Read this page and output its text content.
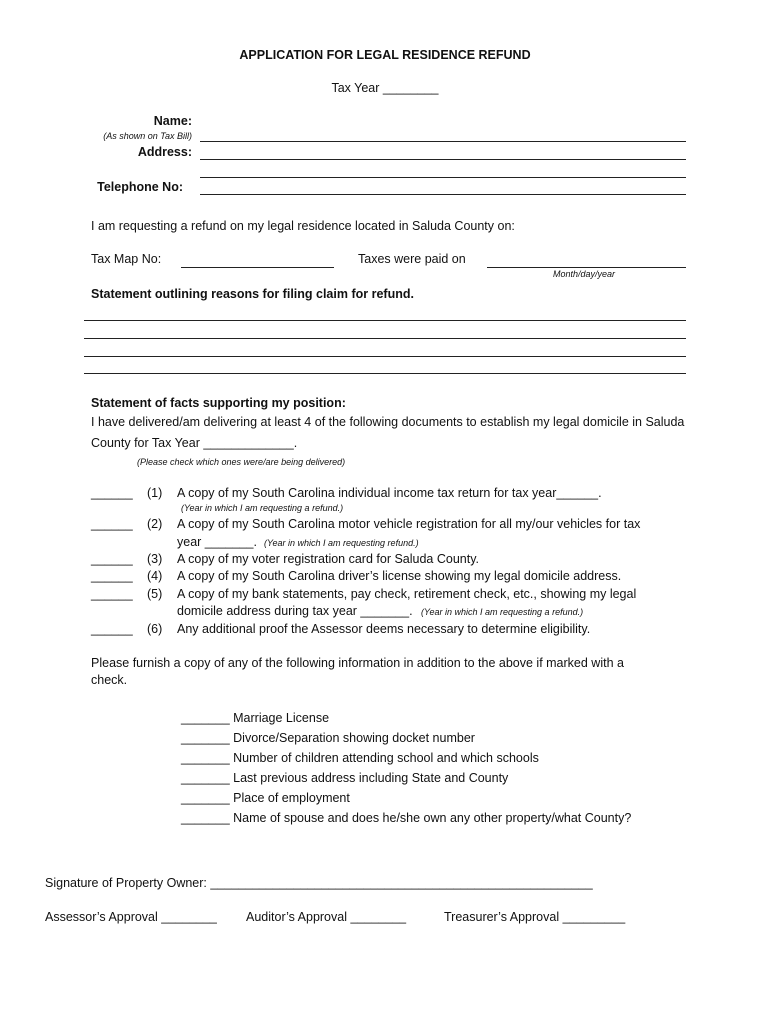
APPLICATION FOR LEGAL RESIDENCE REFUND
Tax Year ________
Name:
(As shown on Tax Bill)
Address:
Telephone No:
I am requesting a refund on my legal residence located in Saluda County on:
Tax Map No:	Taxes were paid on
Month/day/year
Statement outlining reasons for filing claim for refund.
Statement of facts supporting my position:
I have delivered/am delivering at least 4 of the following documents to establish my legal domicile in Saluda
County for Tax Year _____________.
(Please check which ones were/are being delivered)
______ (1) A copy of my South Carolina individual income tax return for tax year______.
(Year in which I am requesting a refund.)
______ (2) A copy of my South Carolina motor vehicle registration for all my/our vehicles for tax
year _______. (Year in which I am requesting refund.)
______ (3) A copy of my voter registration card for Saluda County.
______ (4) A copy of my South Carolina driver’s license showing my legal domicile address.
______ (5) A copy of my bank statements, pay check, retirement check, etc., showing my legal
domicile address during tax year _______. (Year in which I am requesting a refund.)
______ (6) Any additional proof the Assessor deems necessary to determine eligibility.
Please furnish a copy of any of the following information in addition to the above if marked with a
check.
_______ Marriage License
_______ Divorce/Separation showing docket number
_______ Number of children attending school and which schools
_______ Last previous address including State and County
_______ Place of employment
_______ Name of spouse and does he/she own any other property/what County?
Signature of Property Owner: _______________________________________________________
Assessor’s Approval ________ Auditor’s Approval ________	Treasurer’s Approval _________
